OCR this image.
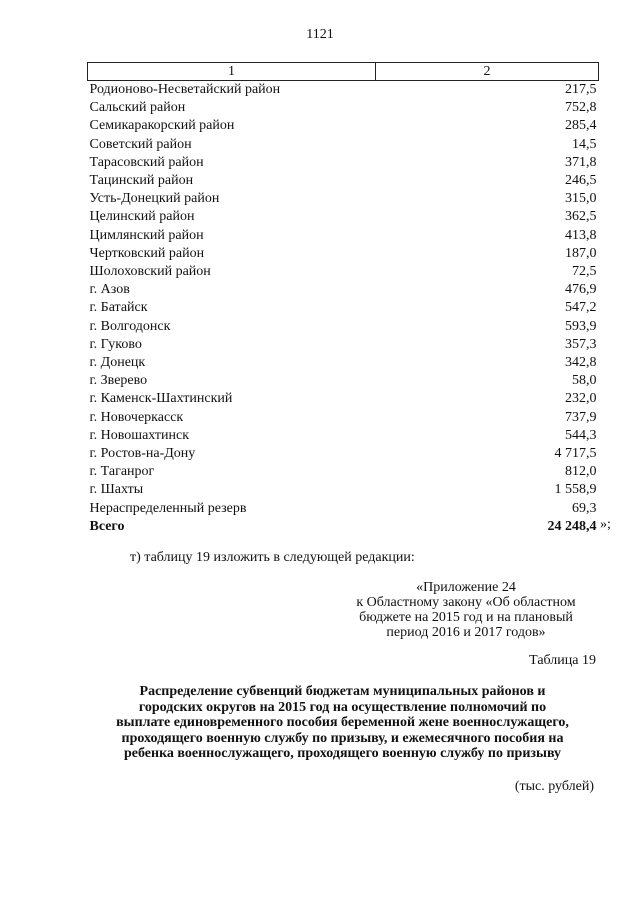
1121
1	2
Родионово-Несветайский район	217,5
Сальский район	752,8
Семикаракорский район	285,4
Советский район	14,5
Тарасовский район	371,8
Тацинский район	246,5
Усть-Донецкий район	315,0
Целинский район	362,5
Цимлянский район	413,8
Чертковский район	187,0
Шолоховский район	72,5
г. Азов	476,9
г. Батайск	547,2
г. Волгодонск	593,9
г. Гуково	357,3
г. Донецк	342,8
г. Зверево	58,0
г. Каменск-Шахтинский	232,0
г. Новочеркасск	737,9
г. Новошахтинск	544,3
г. Ростов-на-Дону	4 717,5
г. Таганрог	812,0
г. Шахты	1 558,9
Нераспределенный резерв	69,3
Всего	24 248,4 »;
т) таблицу 19 изложить в следующей редакции:
«Приложение 24
к Областному закону «Об областном
бюджете на 2015 год и на плановый
период 2016 и 2017 годов»
Таблица 19
Распределение субвенций бюджетам муниципальных районов и
городских округов на 2015 год на осуществление полномочий по
выплате единовременного пособия беременной жене военнослужащего,
проходящего военную службу по призыву, и ежемесячного пособия на
ребенка военнослужащего, проходящего военную службу по призыву
(тыс. рублей)
